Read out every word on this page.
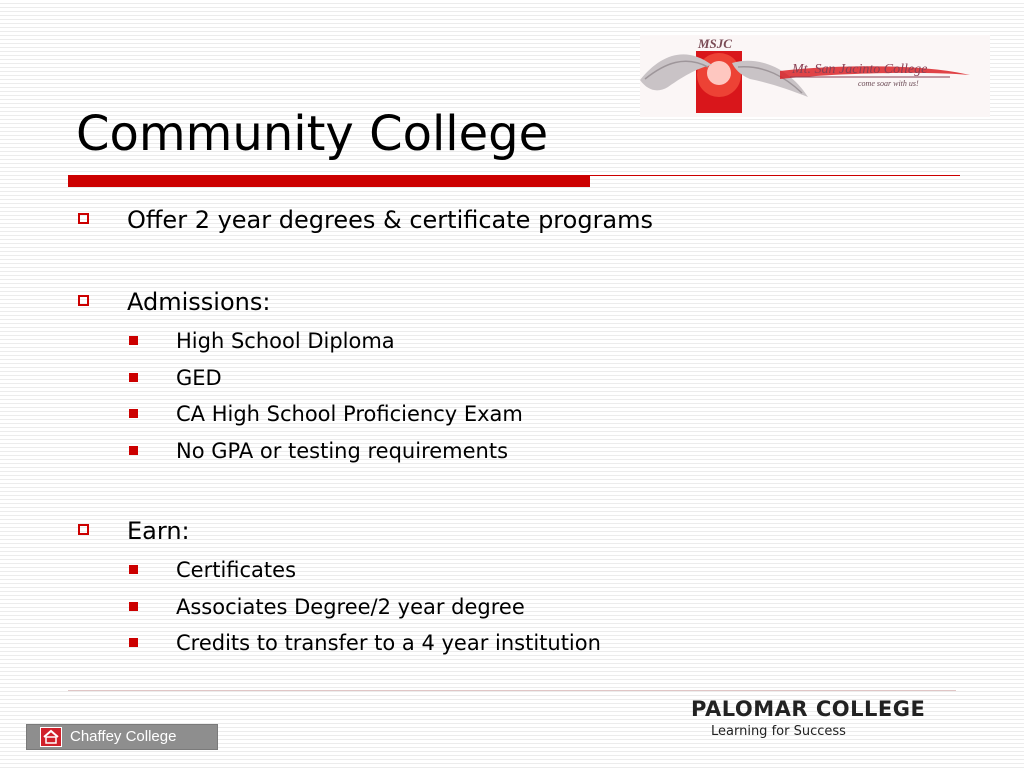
MSJC
Mt. San Jacinto College
come soar with us!
Community College
Offer 2 year degrees & certificate programs
Admissions:
High School Diploma
GED
CA High School Proficiency Exam
No GPA or testing requirements
Earn:
Certificates
Associates Degree/2 year degree
Credits to transfer to a 4 year institution
Chaffey College
PALOMAR COLLEGE
Learning for Success
